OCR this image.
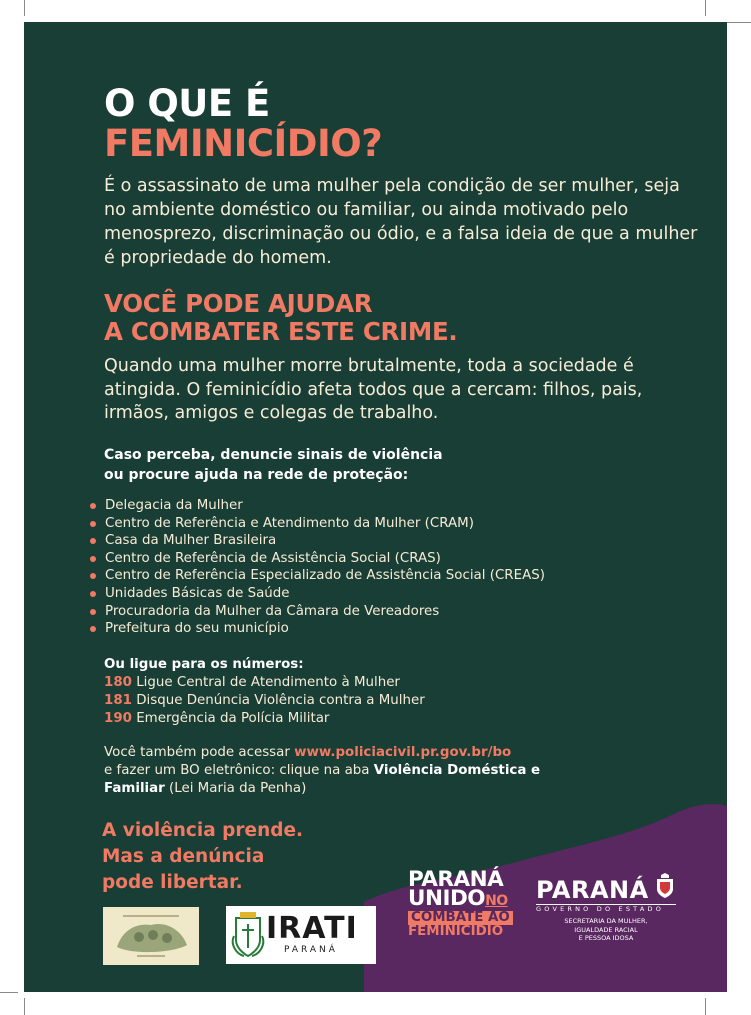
O QUE É
FEMINICÍDIO?

É o assassinato de uma mulher pela condição de ser mulher, seja no ambiente doméstico ou familiar, ou ainda motivado pelo menosprezo, discriminação ou ódio, e a falsa ideia de que a mulher é propriedade do homem.

VOCÊ PODE AJUDAR
A COMBATER ESTE CRIME.

Quando uma mulher morre brutalmente, toda a sociedade é atingida. O feminicídio afeta todos que a cercam: filhos, pais, irmãos, amigos e colegas de trabalho.

Caso perceba, denuncie sinais de violência
ou procure ajuda na rede de proteção:

Delegacia da Mulher
Centro de Referência e Atendimento da Mulher (CRAM)
Casa da Mulher Brasileira
Centro de Referência de Assistência Social (CRAS)
Centro de Referência Especializado de Assistência Social (CREAS)
Unidades Básicas de Saúde
Procuradoria da Mulher da Câmara de Vereadores
Prefeitura do seu município
Ou ligue para os números:
180 Ligue Central de Atendimento à Mulher
181 Disque Denúncia Violência contra a Mulher
190 Emergência da Polícia Militar

Você também pode acessar www.policiacivil.pr.gov.br/bo
e fazer um BO eletrônico: clique na aba Violência Doméstica e Familiar (Lei Maria da Penha)

A violência prende.
Mas a denúncia
pode libertar.

IRATI
PARANÁ
PARANÁ
UNIDONO
COMBATE AO
FEMINICÍDIO
PARANÁ
GOVERNO DO ESTADO
SECRETARIA DA MULHER,
IGUALDADE RACIAL
E PESSOA IDOSA
